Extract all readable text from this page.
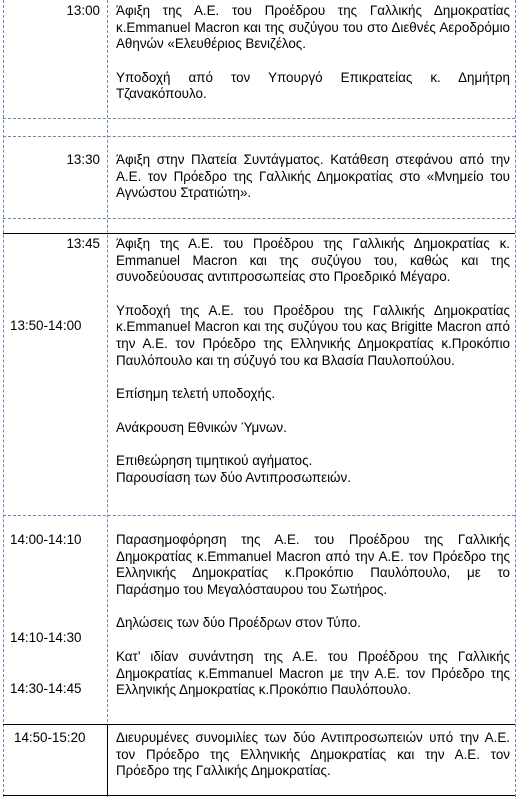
13:00 Άφιξη της Α.Ε. του Προέδρου της Γαλλικής Δημοκρατίας κ.Emmanuel Macron και της συζύγου του στο Διεθνές Αεροδρόμιο Αθηνών «Ελευθέριος Βενιζέλος.

Υποδοχή από τον Υπουργό Επικρατείας κ. Δημήτρη Τζανακόπουλο.

13:30 Άφιξη στην Πλατεία Συντάγματος. Κατάθεση στεφάνου από την Α.Ε. τον Πρόεδρο της Γαλλικής Δημοκρατίας στο «Μνημείο του Αγνώστου Στρατιώτη».

13:45
13:50-14:00

Άφιξη της Α.Ε. του Προέδρου της Γαλλικής Δημοκρατίας κ. Emmanuel Macron και της συζύγου του, καθώς και της συνοδεύουσας αντιπροσωπείας στο Προεδρικό Μέγαρο.

Υποδοχή της Α.Ε. του Προέδρου της Γαλλικής Δημοκρατίας κ.Emmanuel Macron και της συζύγου του κας Brigitte Macron από την Α.Ε. τον Πρόεδρο της Ελληνικής Δημοκρατίας κ.Προκόπιο Παυλόπουλο και τη σύζυγό του κα Βλασία Παυλοπούλου.

Επίσημη τελετή υποδοχής.

Ανάκρουση Εθνικών Ύμνων.

Επιθεώρηση τιμητικού αγήματος.

Παρουσίαση των δύο Αντιπροσωπειών.

14:00-14:10
14:10-14:30
14:30-14:45

Παρασημοφόρηση της Α.Ε. του Προέδρου της Γαλλικής Δημοκρατίας κ.Emmanuel Macron από την Α.Ε. τον Πρόεδρο της Ελληνικής Δημοκρατίας κ.Προκόπιο Παυλόπουλο, με το Παράσημο του Μεγαλόσταυρου του Σωτήρος.

Δηλώσεις των δύο Προέδρων στον Τύπο.

Κατ’ ιδίαν συνάντηση της Α.Ε. του Προέδρου της Γαλλικής Δημοκρατίας κ.Emmanuel Macron με την Α.Ε. τον Πρόεδρο της Ελληνικής Δημοκρατίας κ.Προκόπιο Παυλόπουλο.

14:50-15:20 Διευρυμένες συνομιλίες των δύο Αντιπροσωπειών υπό την Α.Ε. τον Πρόεδρο της Ελληνικής Δημοκρατίας και την Α.Ε. τον Πρόεδρο της Γαλλικής Δημοκρατίας.
